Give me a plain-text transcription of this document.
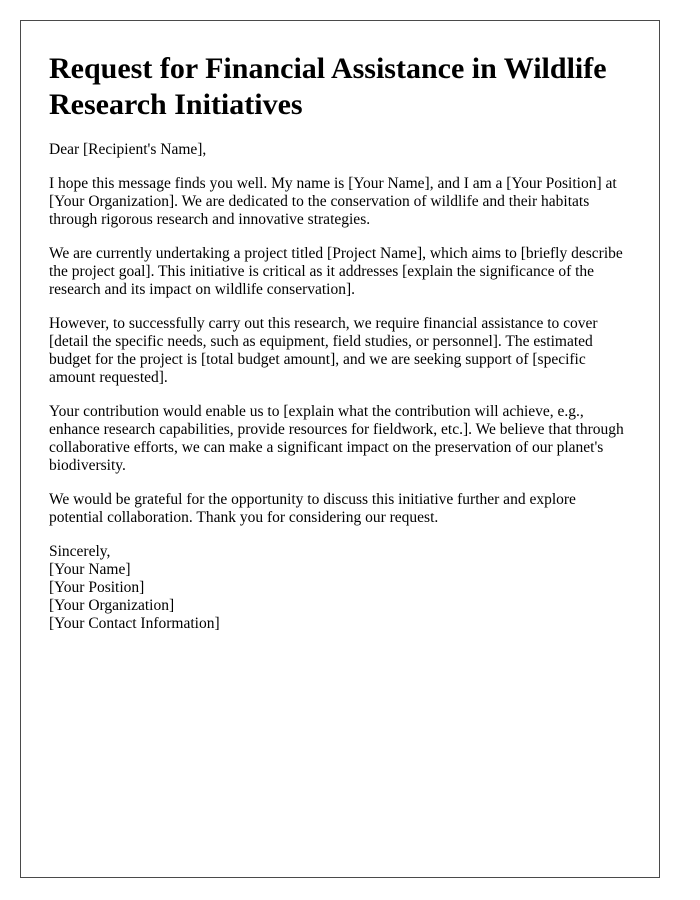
Request for Financial Assistance in Wildlife Research Initiatives

Dear [Recipient's Name],

I hope this message finds you well. My name is [Your Name], and I am a [Your Position] at [Your Organization]. We are dedicated to the conservation of wildlife and their habitats through rigorous research and innovative strategies.

We are currently undertaking a project titled [Project Name], which aims to [briefly describe the project goal]. This initiative is critical as it addresses [explain the significance of the research and its impact on wildlife conservation].

However, to successfully carry out this research, we require financial assistance to cover [detail the specific needs, such as equipment, field studies, or personnel]. The estimated budget for the project is [total budget amount], and we are seeking support of [specific amount requested].

Your contribution would enable us to [explain what the contribution will achieve, e.g., enhance research capabilities, provide resources for fieldwork, etc.]. We believe that through collaborative efforts, we can make a significant impact on the preservation of our planet's biodiversity.

We would be grateful for the opportunity to discuss this initiative further and explore potential collaboration. Thank you for considering our request.

Sincerely,
[Your Name]
[Your Position]
[Your Organization]
[Your Contact Information]
